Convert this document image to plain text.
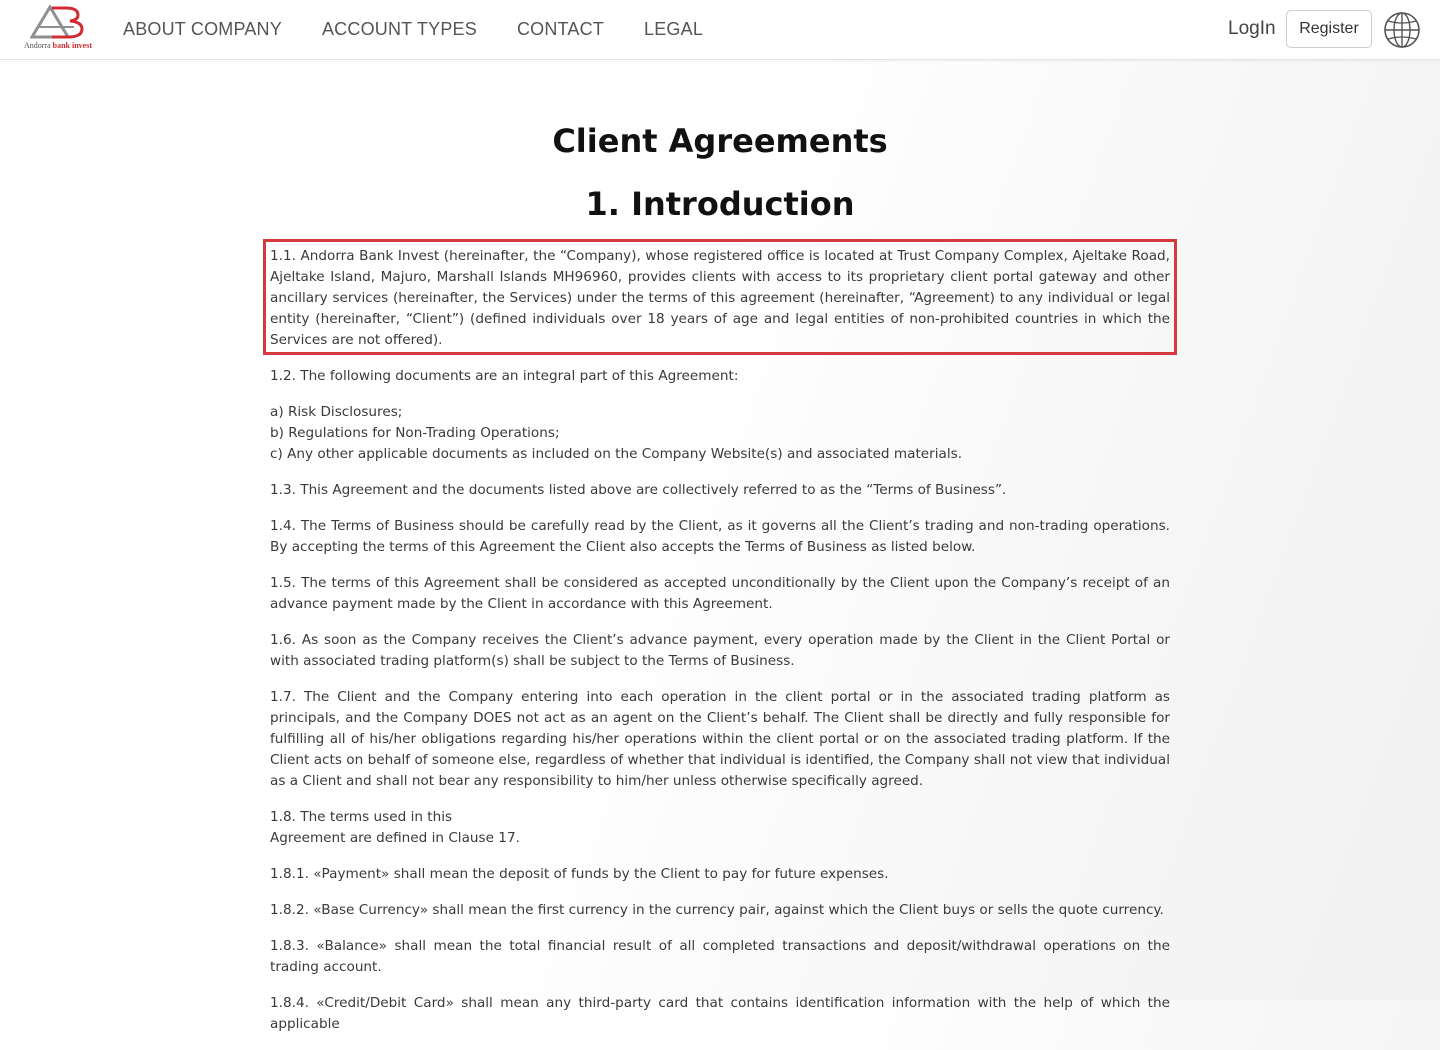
Andorra bank invest
ABOUT COMPANY ACCOUNT TYPES CONTACT LEGAL	LogIn	Register
Client Agreements
1. Introduction
1.1. Andorra Bank Invest (hereinafter, the “Company), whose registered office is located at Trust Company Complex, Ajeltake Road, Ajeltake Island, Majuro, Marshall Islands MH96960, provides clients with access to its proprietary client portal gateway and other ancillary services (hereinafter, the Services) under the terms of this agreement (hereinafter, “Agreement) to any individual or legal entity (hereinafter, “Client”) (defined individuals over 18 years of age and legal entities of non-prohibited countries in which the Services are not offered).

1.2. The following documents are an integral part of this Agreement:

a) Risk Disclosures;
b) Regulations for Non-Trading Operations;
c) Any other applicable documents as included on the Company Website(s) and associated materials.

1.3. This Agreement and the documents listed above are collectively referred to as the “Terms of Business”.

1.4. The Terms of Business should be carefully read by the Client, as it governs all the Client’s trading and non-trading operations. By accepting the terms of this Agreement the Client also accepts the Terms of Business as listed below.

1.5. The terms of this Agreement shall be considered as accepted unconditionally by the Client upon the Company’s receipt of an advance payment made by the Client in accordance with this Agreement.

1.6. As soon as the Company receives the Client’s advance payment, every operation made by the Client in the Client Portal or with associated trading platform(s) shall be subject to the Terms of Business.

1.7. The Client and the Company entering into each operation in the client portal or in the associated trading platform as principals, and the Company DOES not act as an agent on the Client’s behalf. The Client shall be directly and fully responsible for fulfilling all of his/her obligations regarding his/her operations within the client portal or on the associated trading platform. If the Client acts on behalf of someone else, regardless of whether that individual is identified, the Company shall not view that individual as a Client and shall not bear any responsibility to him/her unless otherwise specifically agreed.

1.8. The terms used in this
Agreement are defined in Clause 17.

1.8.1. «Payment» shall mean the deposit of funds by the Client to pay for future expenses.

1.8.2. «Base Currency» shall mean the first currency in the currency pair, against which the Client buys or sells the quote currency.

1.8.3. «Balance» shall mean the total financial result of all completed transactions and deposit/withdrawal operations on the trading account.

1.8.4. «Credit/Debit Card» shall mean any third-party card that contains identification information with the help of which the applicable
